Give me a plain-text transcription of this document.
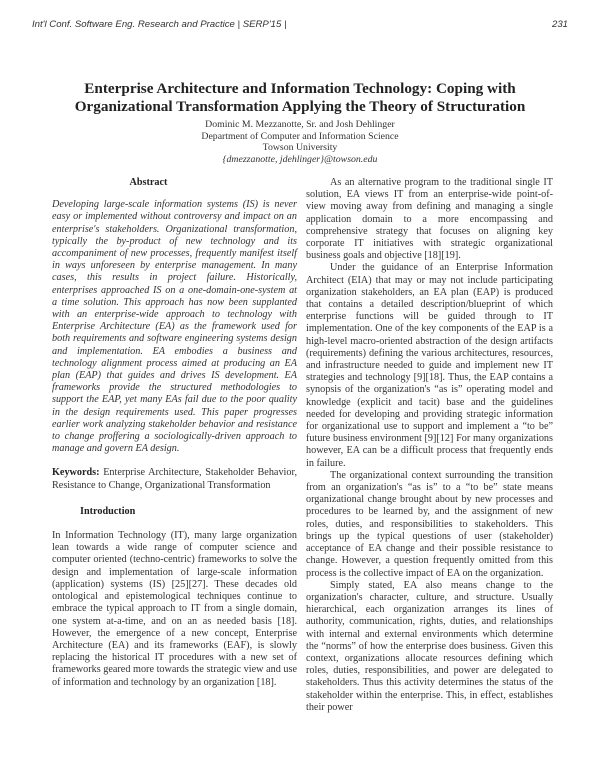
Int'l Conf. Software Eng. Research and Practice | SERP'15 |	231
Enterprise Architecture and Information Technology: Coping with Organizational Transformation Applying the Theory of Structuration
Dominic M. Mezzanotte, Sr. and Josh Dehlinger
Department of Computer and Information Science
Towson University
{dmezzanotte, jdehlinger}@towson.edu
Abstract

Developing large-scale information systems (IS) is never easy or implemented without controversy and impact on an enterprise's stakeholders. Organizational transformation, typically the by-product of new technology and its accompaniment of new processes, frequently manifest itself in ways unforeseen by enterprise management. In many cases, this results in project failure. Historically, enterprises approached IS on a one-domain-one-system at a time solution. This approach has now been supplanted with an enterprise-wide approach to technology with Enterprise Architecture (EA) as the framework used for both requirements and software engineering systems design and implementation. EA embodies a business and technology alignment process aimed at producing an EA plan (EAP) that guides and drives IS development. EA frameworks provide the structured methodologies to support the EAP, yet many EAs fail due to the poor quality in the design requirements used. This paper progresses earlier work analyzing stakeholder behavior and resistance to change proffering a sociologically-driven approach to manage and govern EA design.

Keywords: Enterprise Architecture, Stakeholder Behavior, Resistance to Change, Organizational Transformation

Introduction

In Information Technology (IT), many large organization lean towards a wide range of computer science and computer oriented (techno-centric) frameworks to solve the design and implementation of large-scale information (application) systems (IS) [25][27]. These decades old ontological and epistemological techniques continue to embrace the typical approach to IT from a single domain, one system at-a-time, and on an as needed basis [18]. However, the emergence of a new concept, Enterprise Architecture (EA) and its frameworks (EAF), is slowly replacing the historical IT procedures with a new set of frameworks geared more towards the strategic view and use of information and technology by an organization [18].

As an alternative program to the traditional single IT solution, EA views IT from an enterprise-wide point-of-view moving away from defining and managing a single application domain to a more encompassing and comprehensive strategy that focuses on aligning key corporate IT initiatives with strategic organizational business goals and objective [18][19].

Under the guidance of an Enterprise Information Architect (EIA) that may or may not include participating organization stakeholders, an EA plan (EAP) is produced that contains a detailed description/blueprint of which enterprise functions will be guided through to IT implementation. One of the key components of the EAP is a high-level macro-oriented abstraction of the design artifacts (requirements) defining the various architectures, resources, and infrastructure needed to guide and implement new IT strategies and technology [9][18]. Thus, the EAP contains a synopsis of the organization's “as is” operating model and knowledge (explicit and tacit) base and the guidelines needed for developing and providing strategic information for organizational use to support and implement a “to be” future business environment [9][12] For many organizations however, EA can be a difficult process that frequently ends in failure.

The organizational context surrounding the transition from an organization's “as is” to a “to be” state means organizational change brought about by new processes and procedures to be learned by, and the assignment of new roles, duties, and responsibilities to stakeholders. This brings up the typical questions of user (stakeholder) acceptance of EA change and their possible resistance to change. However, a question frequently omitted from this process is the collective impact of EA on the organization.

Simply stated, EA also means change to the organization's character, culture, and structure. Usually hierarchical, each organization arranges its lines of authority, communication, rights, duties, and relationships with internal and external environments which determine the “norms” of how the enterprise does business. Given this context, organizations allocate resources defining which roles, duties, responsibilities, and power are delegated to stakeholders. Thus this activity determines the status of the stakeholder within the enterprise. This, in effect, establishes their power
